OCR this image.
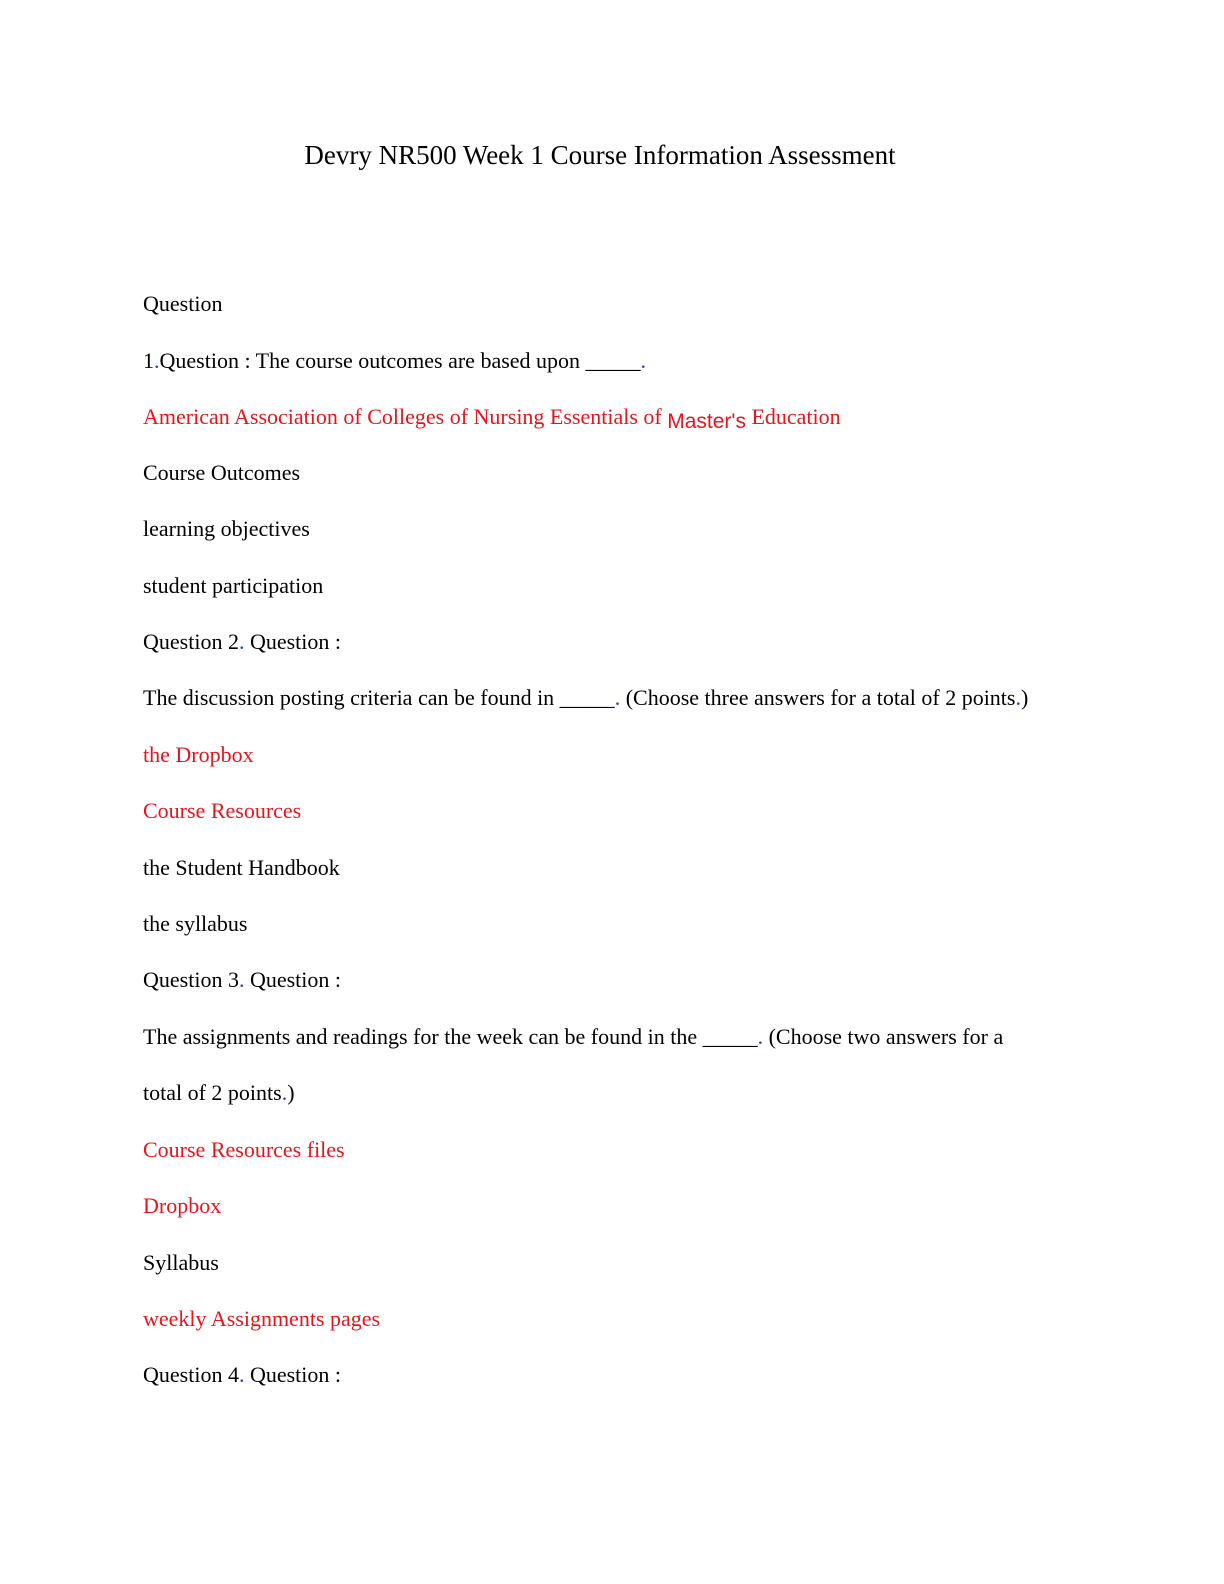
Devry NR500 Week 1 Course Information Assessment
Question
1.Question : The course outcomes are based upon _____.
American Association of Colleges of Nursing Essentials of Master's Education
Course Outcomes
learning objectives
student participation
Question 2. Question :
The discussion posting criteria can be found in _____. (Choose three answers for a total of 2 points.)
the Dropbox
Course Resources
the Student Handbook
the syllabus
Question 3. Question :
The assignments and readings for the week can be found in the _____. (Choose two answers for a
total of 2 points.)
Course Resources files
Dropbox
Syllabus
weekly Assignments pages
Question 4. Question :
